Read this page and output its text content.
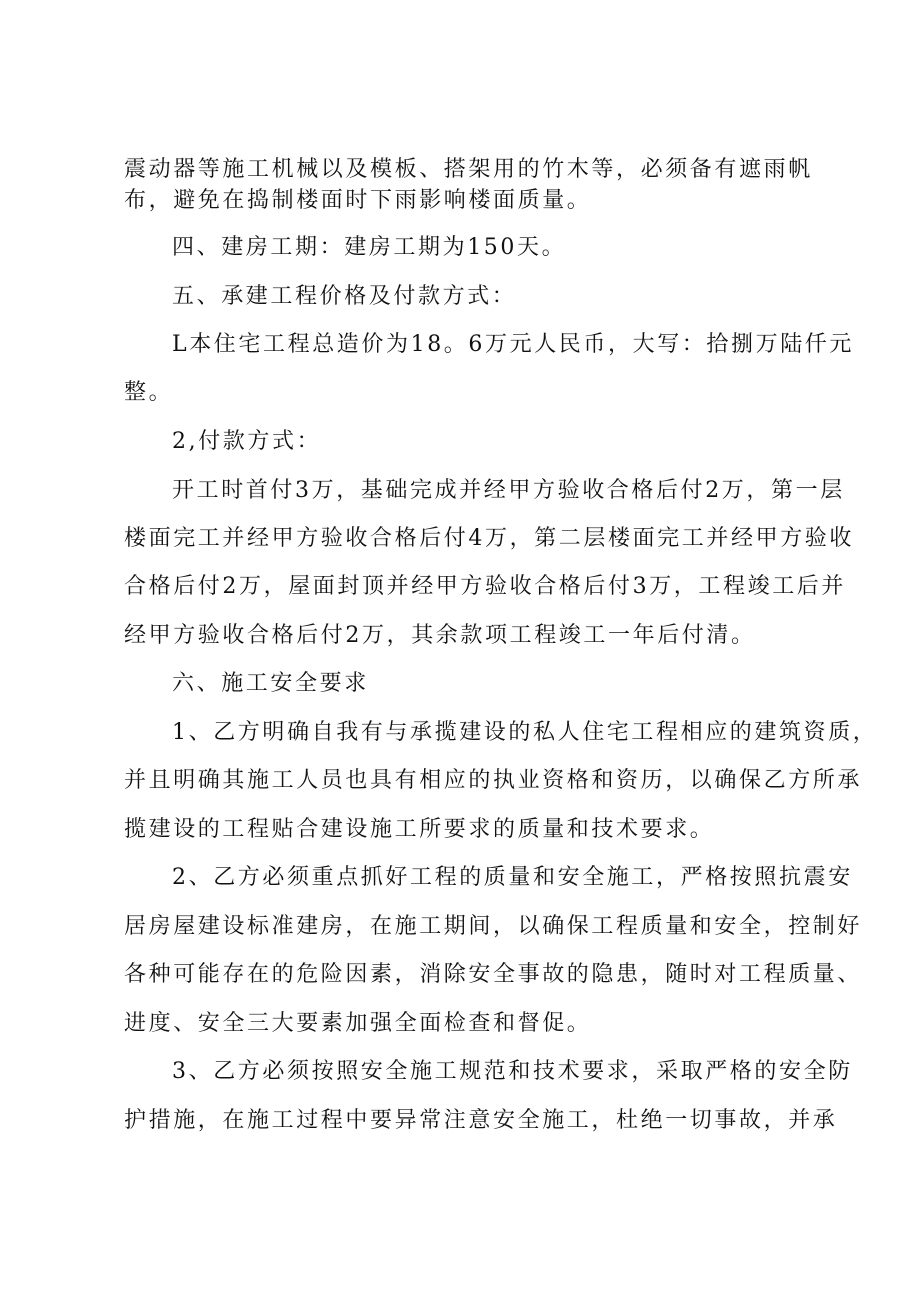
震动器等施工机械以及模板、搭架用的竹木等，必须备有遮雨帆
布，避免在捣制楼面时下雨影响楼面质量。
四、建房工期：建房工期为150天。
五、承建工程价格及付款方式：
L本住宅工程总造价为18。6万元人民币，大写：拾捌万陆仟元
整。
2,付款方式：
开工时首付3万，基础完成并经甲方验收合格后付2万，第一层
楼面完工并经甲方验收合格后付4万，第二层楼面完工并经甲方验收
合格后付2万，屋面封顶并经甲方验收合格后付3万，工程竣工后并
经甲方验收合格后付2万，其余款项工程竣工一年后付清。
六、施工安全要求
1、乙方明确自我有与承揽建设的私人住宅工程相应的建筑资质，
并且明确其施工人员也具有相应的执业资格和资历，以确保乙方所承
揽建设的工程贴合建设施工所要求的质量和技术要求。
2、乙方必须重点抓好工程的质量和安全施工，严格按照抗震安
居房屋建设标准建房，在施工期间，以确保工程质量和安全，控制好
各种可能存在的危险因素，消除安全事故的隐患，随时对工程质量、
进度、安全三大要素加强全面检查和督促。
3、乙方必须按照安全施工规范和技术要求，采取严格的安全防
护措施，在施工过程中要异常注意安全施工，杜绝一切事故，并承
